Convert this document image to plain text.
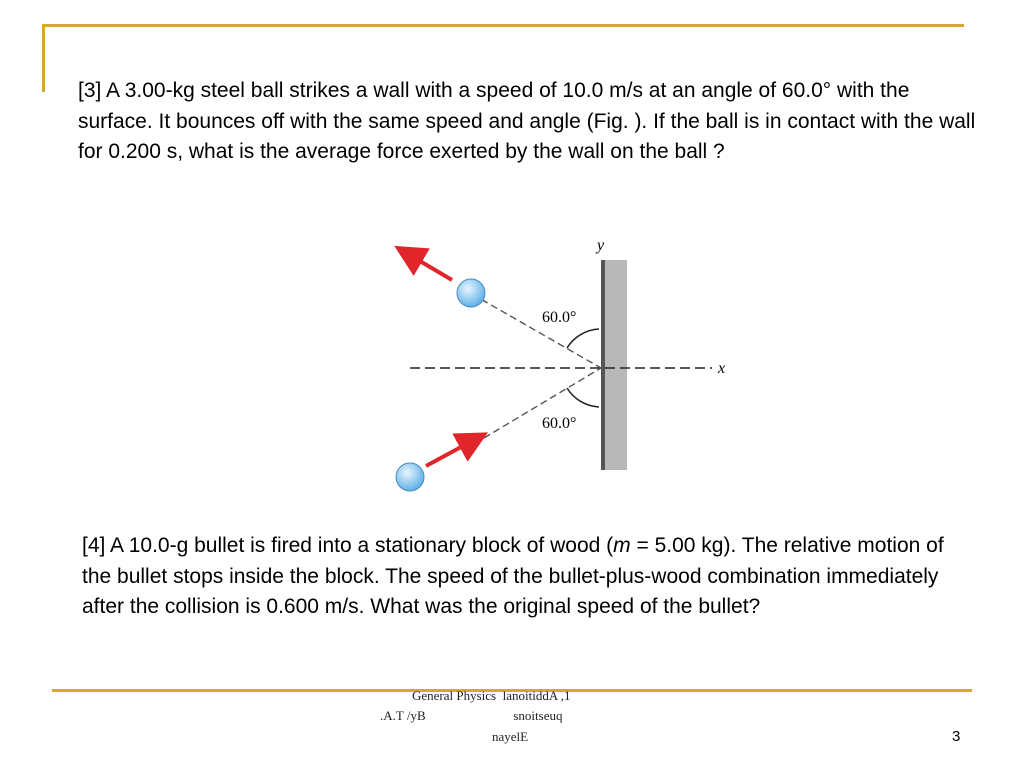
[3] A 3.00-kg steel ball strikes a wall with a speed of 10.0 m/s at an angle of 60.0° with the surface. It bounces off with the same speed and angle (Fig. ). If the ball is in contact with the wall for 0.200 s, what is the average force exerted by the wall on the ball ?

x
y
60.0°
60.0°

[4] A 10.0-g bullet is fired into a stationary block of wood (m = 5.00 kg). The relative motion of the bullet stops inside the block. The speed of the bullet-plus-wood combination immediately after the collision is 0.600 m/s. What was the original speed of the bullet?

General Physics  lanoitiddA ,1
.A.T /yB                           snoitseuq
nayelE	3
